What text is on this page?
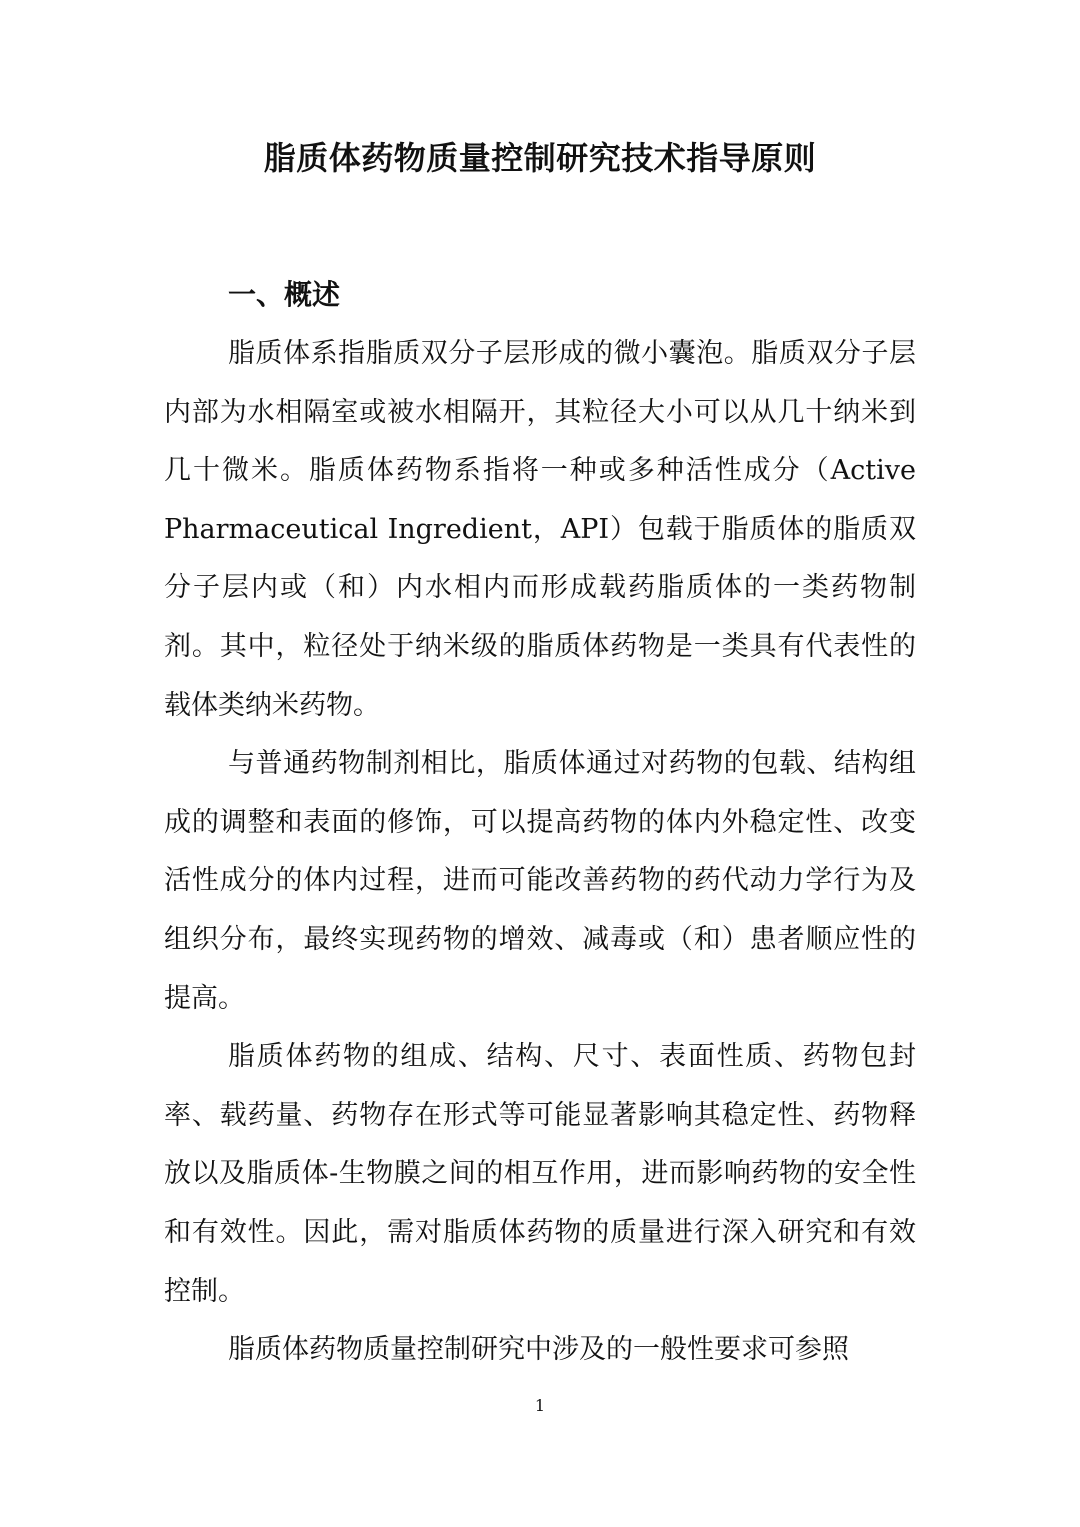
脂质体药物质量控制研究技术指导原则
一、概述

脂质体系指脂质双分子层形成的微小囊泡。脂质双分子层内部为水相隔室或被水相隔开，其粒径大小可以从几十纳米到几十微米。脂质体药物系指将一种或多种活性成分（Active Pharmaceutical Ingredient，API）包载于脂质体的脂质双分子层内或（和）内水相内而形成载药脂质体的一类药物制剂。其中，粒径处于纳米级的脂质体药物是一类具有代表性的载体类纳米药物。

与普通药物制剂相比，脂质体通过对药物的包载、结构组成的调整和表面的修饰，可以提高药物的体内外稳定性、改变活性成分的体内过程，进而可能改善药物的药代动力学行为及组织分布，最终实现药物的增效、减毒或（和）患者顺应性的提高。

脂质体药物的组成、结构、尺寸、表面性质、药物包封率、载药量、药物存在形式等可能显著影响其稳定性、药物释放以及脂质体-生物膜之间的相互作用，进而影响药物的安全性和有效性。因此，需对脂质体药物的质量进行深入研究和有效控制。

脂质体药物质量控制研究中涉及的一般性要求可参照

1
